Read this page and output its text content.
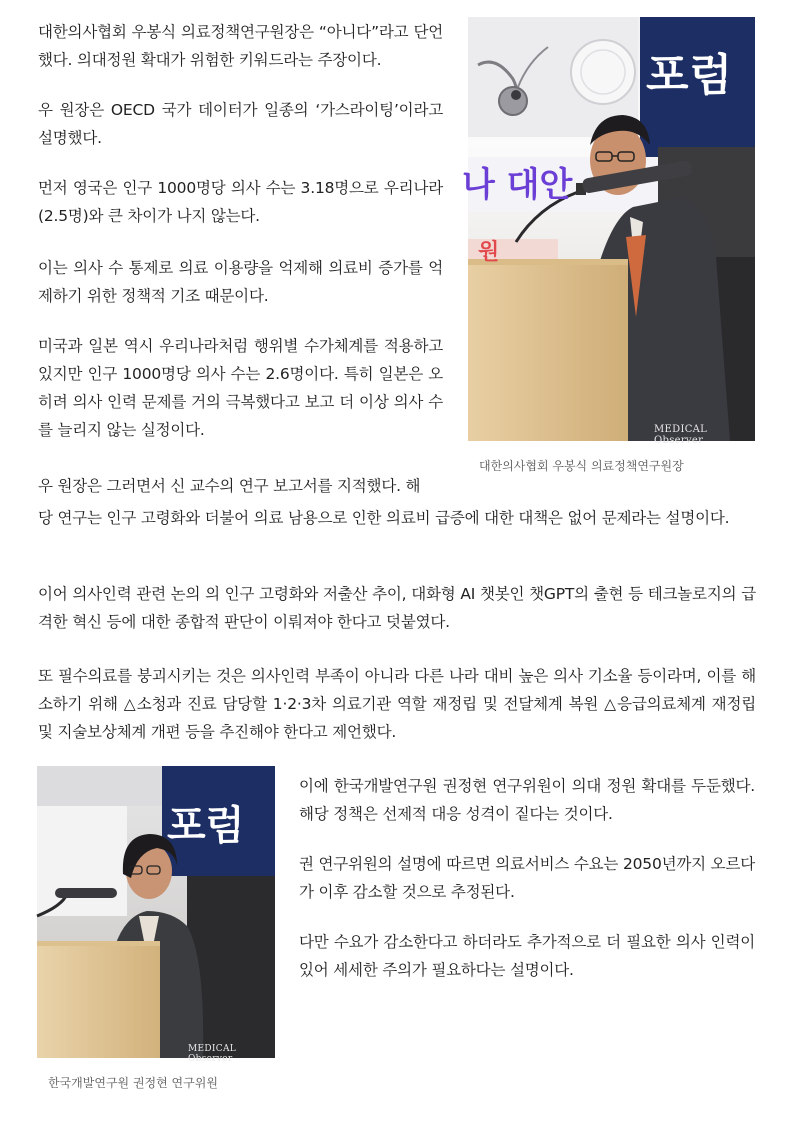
대한의사협회 우봉식 의료정책연구원장은 “아니다”라고 단언했다. 의대정원 확대가 위험한 키워드라는 주장이다.

우 원장은 OECD 국가 데이터가 일종의 ‘가스라이팅’이라고 설명했다.

먼저 영국은 인구 1000명당 의사 수는 3.18명으로 우리나라(2.5명)와 큰 차이가 나지 않는다.

이는 의사 수 통제로 의료 이용량을 억제해 의료비 증가를 억제하기 위한 정책적 기조 때문이다.

미국과 일본 역시 우리나라처럼 행위별 수가체계를 적용하고 있지만 인구 1000명당 의사 수는 2.6명이다. 특히 일본은 오히려 의사 인력 문제를 거의 극복했다고 보고 더 이상 의사 수를 늘리지 않는 실정이다.

우 원장은 그러면서 신 교수의 연구 보고서를 지적했다. 해

당 연구는 인구 고령화와 더불어 의료 남용으로 인한 의료비 급증에 대한 대책은 없어 문제라는 설명이다.

이어 의사인력 관련 논의 의 인구 고령화와 저출산 추이, 대화형 AI 챗봇인 챗GPT의 출현 등 테크놀로지의 급격한 혁신 등에 대한 종합적 판단이 이뤄져야 한다고 덧붙였다.

또 필수의료를 붕괴시키는 것은 의사인력 부족이 아니라 다른 나라 대비 높은 의사 기소율 등이라며, 이를 해소하기 위해 △소청과 진료 담당할 1·2·3차 의료기관 역할 재정립 및 전달체계 복원 △응급의료체계 재정립 및 지술보상체계 개편 등을 추진해야 한다고 제언했다.

이에 한국개발연구원 권정현 연구위원이 의대 정원 확대를 두둔했다. 해당 정책은 선제적 대응 성격이 짙다는 것이다.

권 연구위원의 설명에 따르면 의료서비스 수요는 2050년까지 오르다가 이후 감소할 것으로 추정된다.

다만 수요가 감소한다고 하더라도 추가적으로 더 필요한 의사 인력이 있어 세세한 주의가 필요하다는 설명이다.

포럼
나 대안
원
MEDICAL Observer
대한의사협회 우봉식 의료정책연구원장
포럼
MEDICAL Observer
한국개발연구원 권정현 연구위원
